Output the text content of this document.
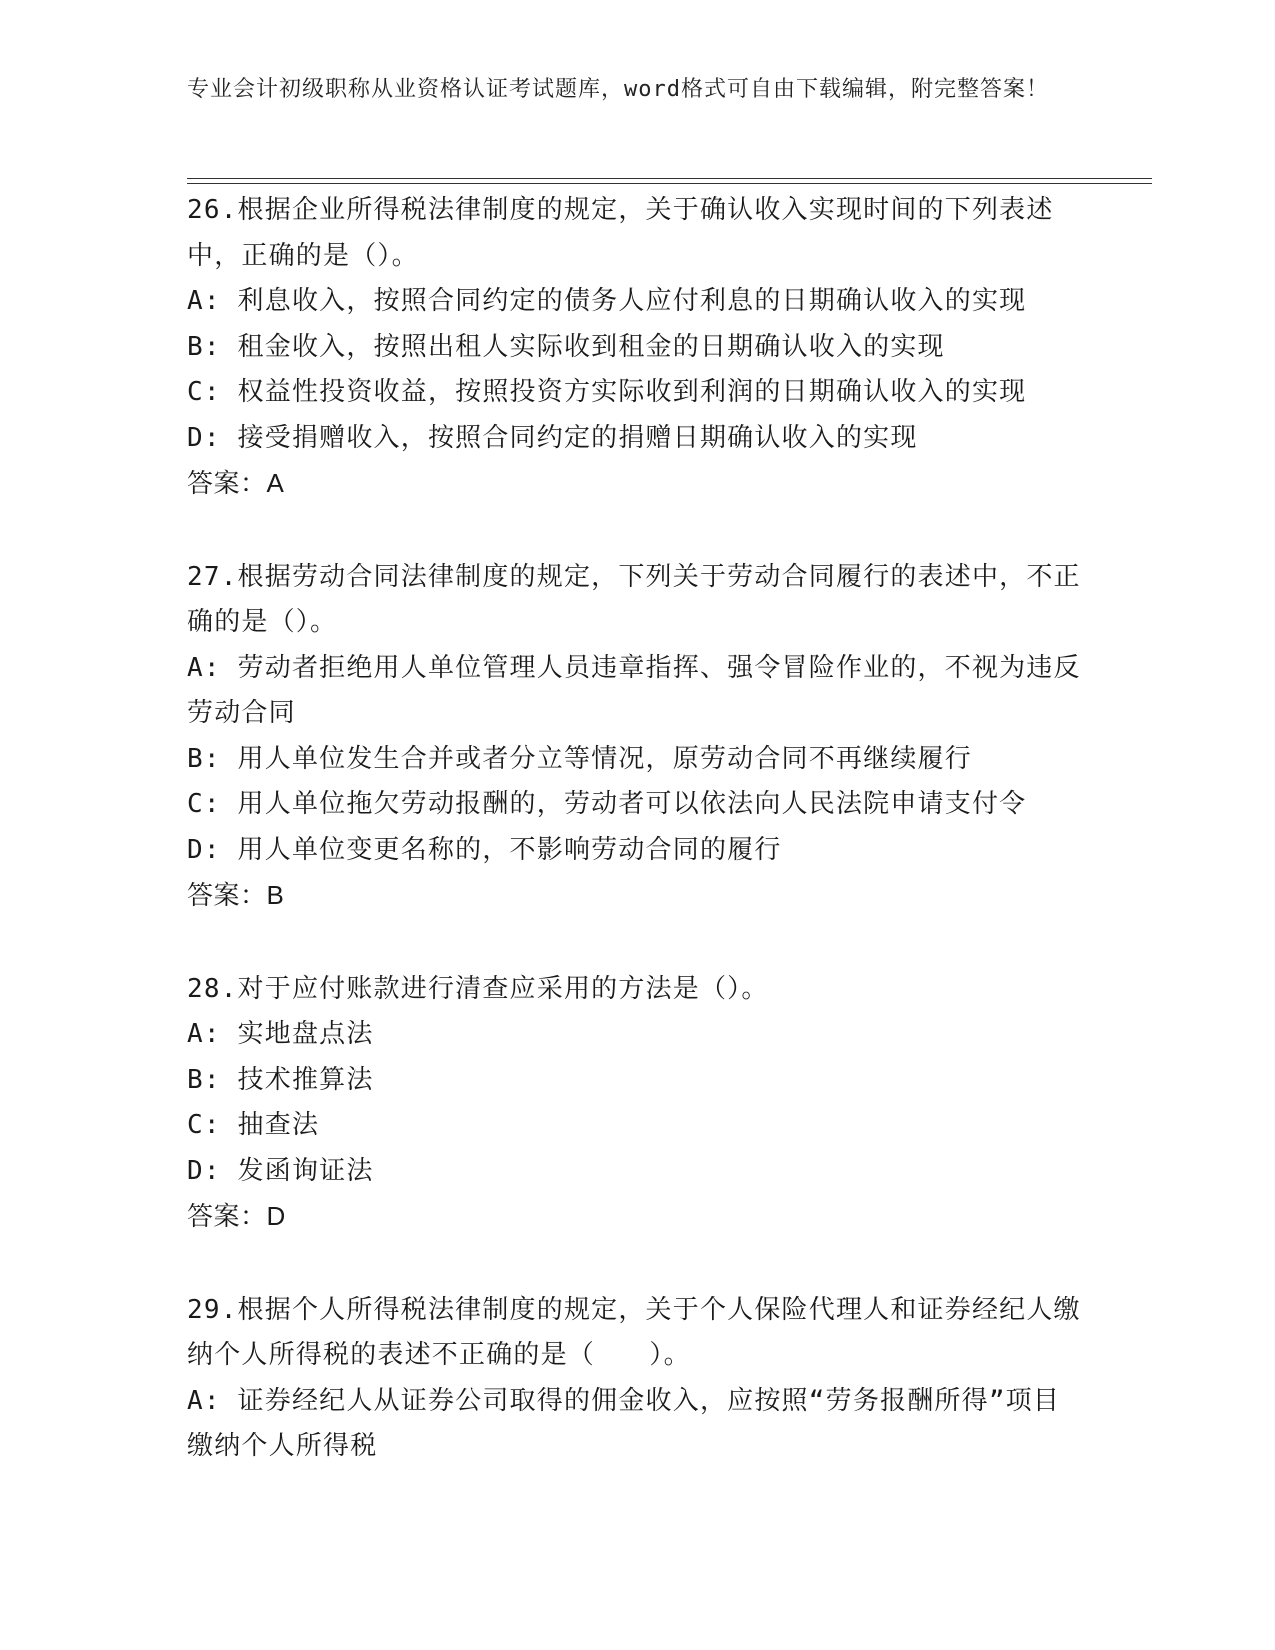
专业会计初级职称从业资格认证考试题库，word格式可自由下载编辑，附完整答案！
26.根据企业所得税法律制度的规定，关于确认收入实现时间的下列表述中，正确的是（）。
A: 利息收入，按照合同约定的债务人应付利息的日期确认收入的实现
B: 租金收入，按照出租人实际收到租金的日期确认收入的实现
C: 权益性投资收益，按照投资方实际收到利润的日期确认收入的实现
D: 接受捐赠收入，按照合同约定的捐赠日期确认收入的实现
答案：A
27.根据劳动合同法律制度的规定，下列关于劳动合同履行的表述中，不正确的是（）。
A: 劳动者拒绝用人单位管理人员违章指挥、强令冒险作业的，不视为违反劳动合同
B: 用人单位发生合并或者分立等情况，原劳动合同不再继续履行
C: 用人单位拖欠劳动报酬的，劳动者可以依法向人民法院申请支付令
D: 用人单位变更名称的，不影响劳动合同的履行
答案：B
28.对于应付账款进行清查应采用的方法是（）。
A: 实地盘点法
B: 技术推算法
C: 抽查法
D: 发函询证法
答案：D
29.根据个人所得税法律制度的规定，关于个人保险代理人和证券经纪人缴纳个人所得税的表述不正确的是（　　）。
A: 证券经纪人从证券公司取得的佣金收入，应按照“劳务报酬所得”项目缴纳个人所得税
